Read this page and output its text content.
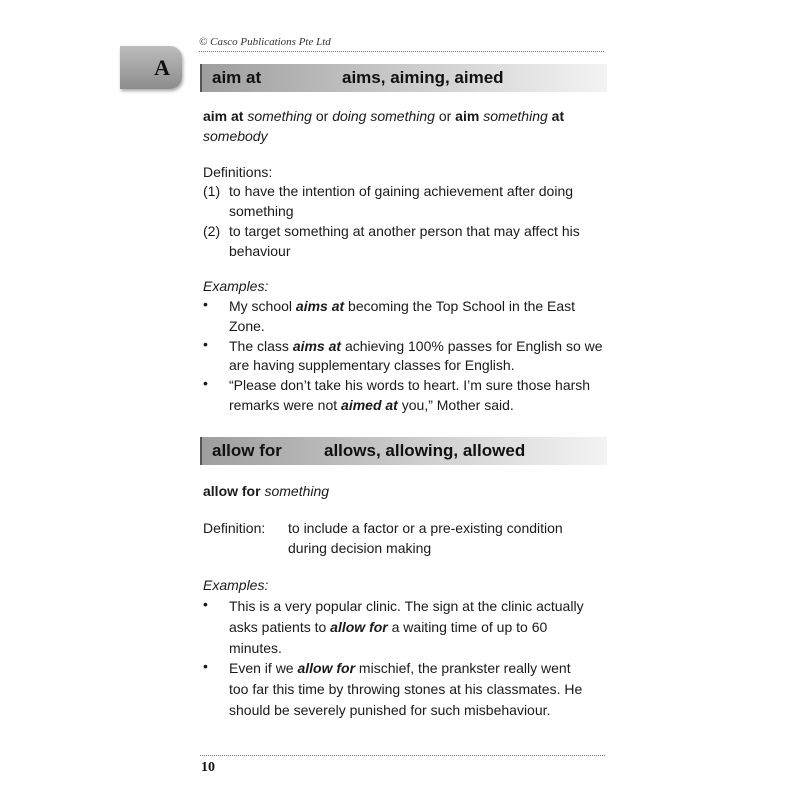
© Casco Publications Pte Ltd
A aim at	aims, aiming, aimed
aim at something or doing something or aim something at
somebody
Definitions:
(1) to have the intention of gaining achievement after doing
something
(2) to target something at another person that may affect his
behaviour
Examples:
• My school aims at becoming the Top School in the East
Zone.
• The class aims at achieving 100% passes for English so we
are having supplementary classes for English.
• “Please don’t take his words to heart. I’m sure those harsh
remarks were not aimed at you,” Mother said.
allow for allows, allowing, allowed
allow for something
Definition: to include a factor or a pre-existing condition
during decision making
Examples:
• This is a very popular clinic. The sign at the clinic actually
asks patients to allow for a waiting time of up to 60
minutes.
• Even if we allow for mischief, the prankster really went
too far this time by throwing stones at his classmates. He
should be severely punished for such misbehaviour.
10
